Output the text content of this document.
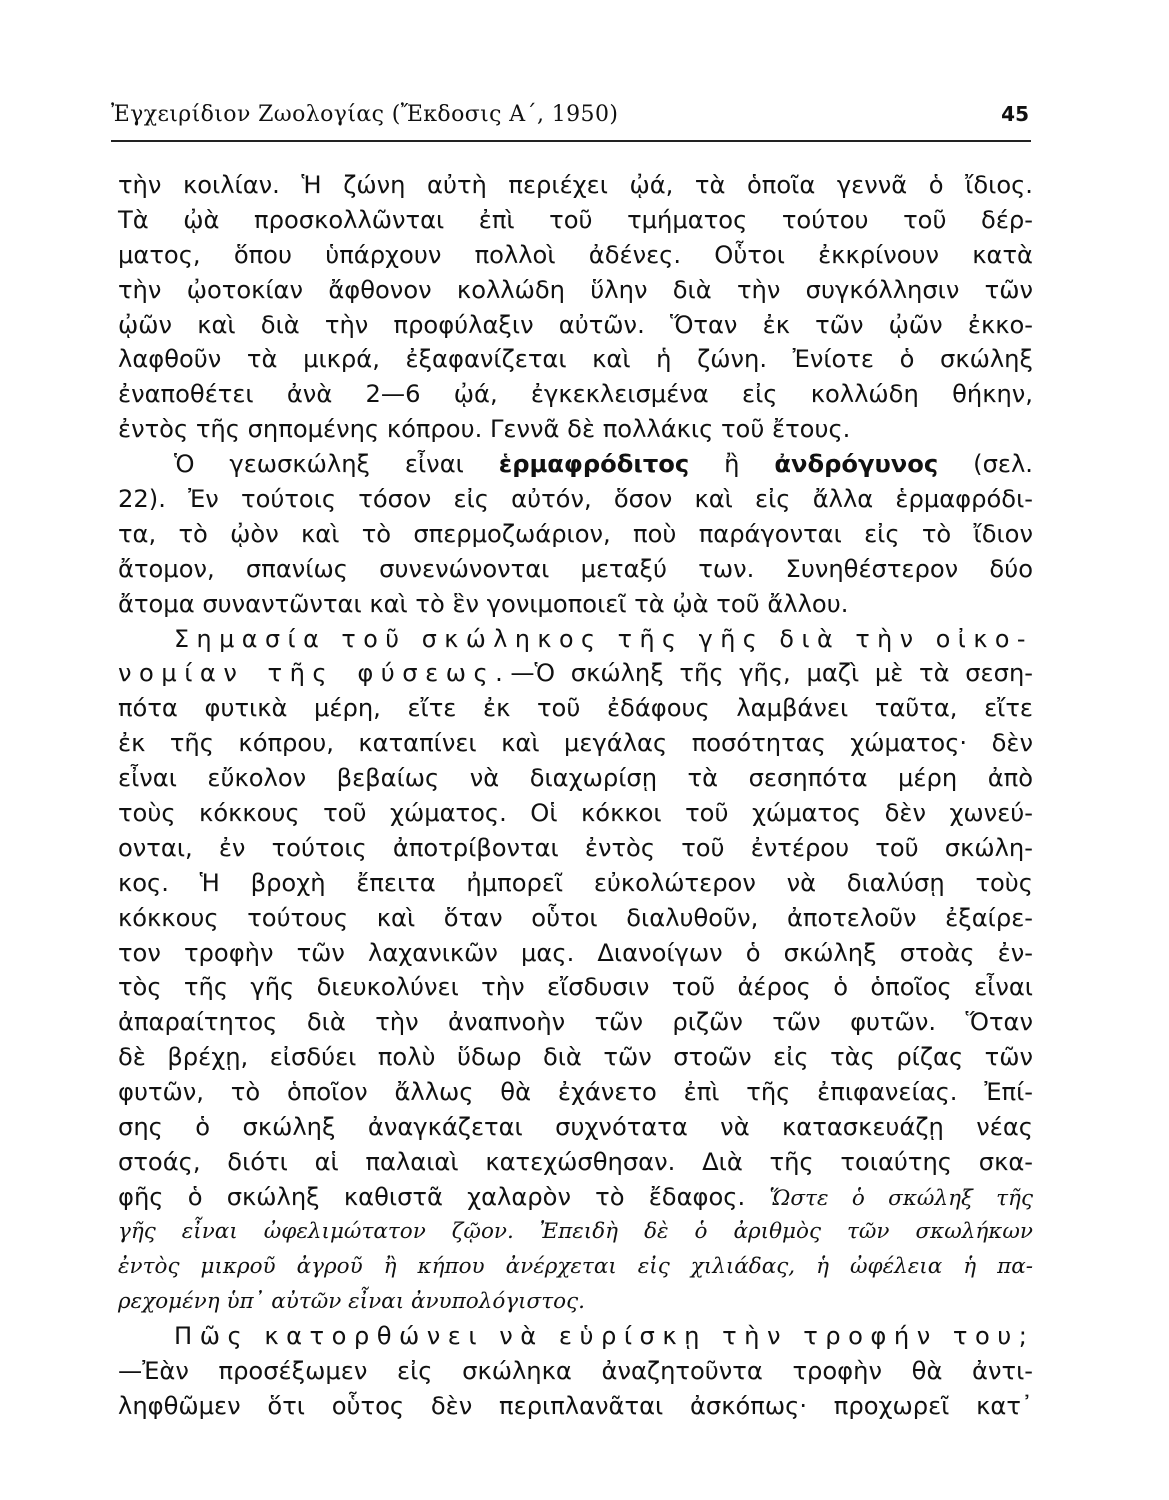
Ἐγχειρίδιον Ζωολογίας (Ἔκδοσις Α΄, 1950)	45
τὴν κοιλίαν. Ἡ ζώνη αὐτὴ περιέχει ᾠά, τὰ ὁποῖα γεννᾶ ὁ ἴδιος.
Τὰ ᾠὰ προσκολλῶνται ἐπὶ τοῦ τμήματος τούτου τοῦ δέρ-
ματος, ὅπου ὑπάρχουν πολλοὶ ἀδένες. Οὗτοι ἐκκρίνουν κατὰ
τὴν ᾠοτοκίαν ἄφθονον κολλώδη ὕλην διὰ τὴν συγκόλλησιν τῶν
ᾠῶν καὶ διὰ τὴν προφύλαξιν αὐτῶν. Ὅταν ἐκ τῶν ᾠῶν ἐκκο-
λαφθοῦν τὰ μικρά, ἐξαφανίζεται καὶ ἡ ζώνη. Ἐνίοτε ὁ σκώληξ
ἐναποθέτει ἀνὰ 2—6 ᾠά, ἐγκεκλεισμένα εἰς κολλώδη θήκην,
ἐντὸς τῆς σηπομένης κόπρου. Γεννᾶ δὲ πολλάκις τοῦ ἔτους.
Ὁ γεωσκώληξ εἶναι ἑρμαφρόδιτος ἢ ἀνδρόγυνος (σελ.
22). Ἐν τούτοις τόσον εἰς αὐτόν, ὅσον καὶ εἰς ἄλλα ἑρμαφρόδι-
τα, τὸ ᾠὸν καὶ τὸ σπερμοζωάριον, ποὺ παράγονται εἰς τὸ ἴδιον
ἄτομον, σπανίως συνενώνονται μεταξύ των. Συνηθέστερον δύο
ἄτομα συναντῶνται καὶ τὸ ἓν γονιμοποιεῖ τὰ ᾠὰ τοῦ ἄλλου.
Σημασία τοῦ σκώληκος τῆς γῆς διὰ τὴν οἰκο-
νομίαν τῆς φύσεως.—Ὁ σκώληξ τῆς γῆς, μαζὶ μὲ τὰ σεση-
πότα φυτικὰ μέρη, εἴτε ἐκ τοῦ ἐδάφους λαμβάνει ταῦτα, εἴτε
ἐκ τῆς κόπρου, καταπίνει καὶ μεγάλας ποσότητας χώματος· δὲν
εἶναι εὔκολον βεβαίως νὰ διαχωρίσῃ τὰ σεσηπότα μέρη ἀπὸ
τοὺς κόκκους τοῦ χώματος. Οἱ κόκκοι τοῦ χώματος δὲν χωνεύ-
ονται, ἐν τούτοις ἀποτρίβονται ἐντὸς τοῦ ἐντέρου τοῦ σκώλη-
κος. Ἡ βροχὴ ἔπειτα ἠμπορεῖ εὐκολώτερον νὰ διαλύσῃ τοὺς
κόκκους τούτους καὶ ὅταν οὗτοι διαλυθοῦν, ἀποτελοῦν ἐξαίρε-
τον τροφὴν τῶν λαχανικῶν μας. Διανοίγων ὁ σκώληξ στοὰς ἐν-
τὸς τῆς γῆς διευκολύνει τὴν εἴσδυσιν τοῦ ἀέρος ὁ ὁποῖος εἶναι
ἀπαραίτητος διὰ τὴν ἀναπνοὴν τῶν ριζῶν τῶν φυτῶν. Ὅταν
δὲ βρέχῃ, εἰσδύει πολὺ ὕδωρ διὰ τῶν στοῶν εἰς τὰς ρίζας τῶν
φυτῶν, τὸ ὁποῖον ἄλλως θὰ ἐχάνετο ἐπὶ τῆς ἐπιφανείας. Ἐπί-
σης ὁ σκώληξ ἀναγκάζεται συχνότατα νὰ κατασκευάζῃ νέας
στοάς, διότι αἱ παλαιαὶ κατεχώσθησαν. Διὰ τῆς τοιαύτης σκα-
φῆς ὁ σκώληξ καθιστᾶ χαλαρὸν τὸ ἔδαφος. Ὥστε ὁ σκώληξ τῆς
γῆς εἶναι ὠφελιμώτατον ζῷον. Ἐπειδὴ δὲ ὁ ἀριθμὸς τῶν σκωλήκων
ἐντὸς μικροῦ ἀγροῦ ἢ κήπου ἀνέρχεται εἰς χιλιάδας, ἡ ὠφέλεια ἡ πα-
ρεχομένη ὑπ᾿ αὐτῶν εἶναι ἀνυπολόγιστος.
Πῶς κατορθώνει νὰ εὑρίσκῃ τὴν τροφήν του;
—Ἐὰν προσέξωμεν εἰς σκώληκα ἀναζητοῦντα τροφὴν θὰ ἀντι-
ληφθῶμεν ὅτι οὗτος δὲν περιπλανᾶται ἀσκόπως· προχωρεῖ κατ᾿
